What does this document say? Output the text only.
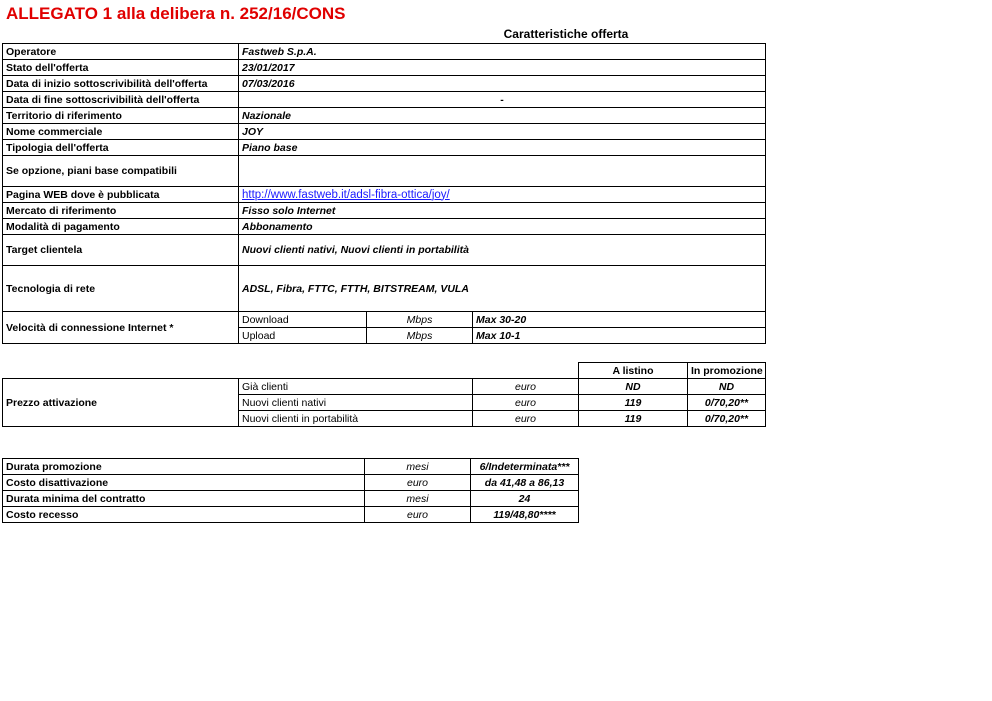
ALLEGATO 1 alla delibera n. 252/16/CONS
Caratteristiche offerta
Operatore	Fastweb S.p.A.		
Stato dell'offerta	23/01/2017		
Data di inizio sottoscrivibilità dell'offerta	07/03/2016		
Data di fine sottoscrivibilità dell'offerta	-		
Territorio di riferimento	Nazionale		
Nome commerciale	JOY		
Tipologia dell'offerta	Piano base		
Se opzione, piani base compatibili			
Pagina WEB dove è pubblicata	http://www.fastweb.it/adsl-fibra-ottica/joy/		
Mercato di riferimento	Fisso solo Internet		
Modalità di pagamento	Abbonamento		
Target clientela	Nuovi clienti nativi, Nuovi clienti in portabilità		
Tecnologia di rete	ADSL, Fibra, FTTC, FTTH, BITSTREAM, VULA		
Velocità di connessione Internet *	Download	Mbps	Max 30-20
	Upload	Mbps	Max 10-1
			A listino	In promozione
Prezzo attivazione	Già clienti	euro	ND	ND
	Nuovi clienti nativi	euro	119	0/70,20**
	Nuovi clienti in portabilità	euro	119	0/70,20**
Durata promozione	mesi	6/Indeterminata***
Costo disattivazione	euro	da 41,48 a 86,13
Durata minima del contratto	mesi	24
Costo recesso	euro	119/48,80****
